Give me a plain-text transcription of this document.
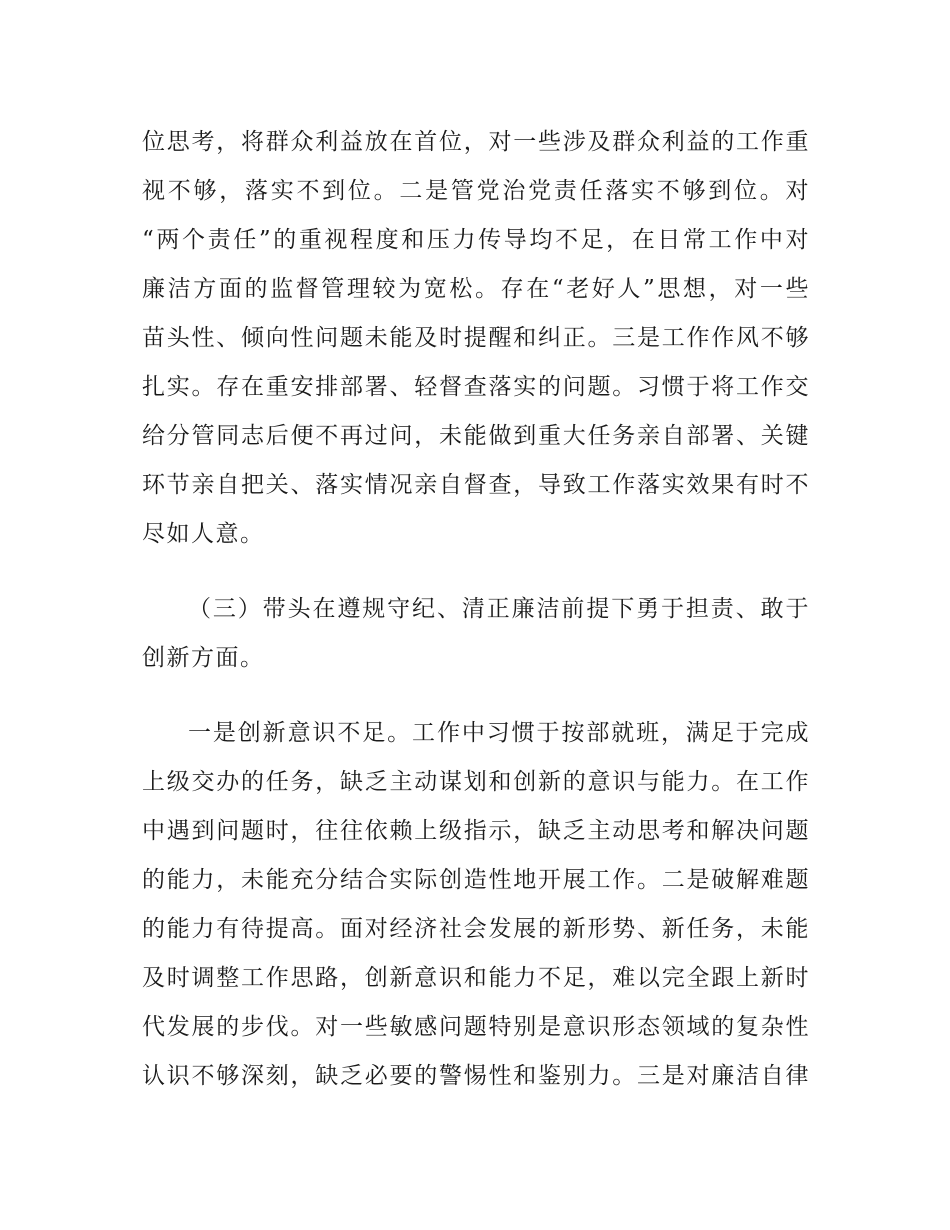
位思考，将群众利益放在首位，对一些涉及群众利益的工作重
视不够，落实不到位。二是管党治党责任落实不够到位。对
“两个责任”的重视程度和压力传导均不足，在日常工作中对
廉洁方面的监督管理较为宽松。存在“老好人”思想，对一些
苗头性、倾向性问题未能及时提醒和纠正。三是工作作风不够
扎实。存在重安排部署、轻督查落实的问题。习惯于将工作交
给分管同志后便不再过问，未能做到重大任务亲自部署、关键
环节亲自把关、落实情况亲自督查，导致工作落实效果有时不
尽如人意。
（三）带头在遵规守纪、清正廉洁前提下勇于担责、敢于
创新方面。
一是创新意识不足。工作中习惯于按部就班，满足于完成
上级交办的任务，缺乏主动谋划和创新的意识与能力。在工作
中遇到问题时，往往依赖上级指示，缺乏主动思考和解决问题
的能力，未能充分结合实际创造性地开展工作。二是破解难题
的能力有待提高。面对经济社会发展的新形势、新任务，未能
及时调整工作思路，创新意识和能力不足，难以完全跟上新时
代发展的步伐。对一些敏感问题特别是意识形态领域的复杂性
认识不够深刻，缺乏必要的警惕性和鉴别力。三是对廉洁自律
